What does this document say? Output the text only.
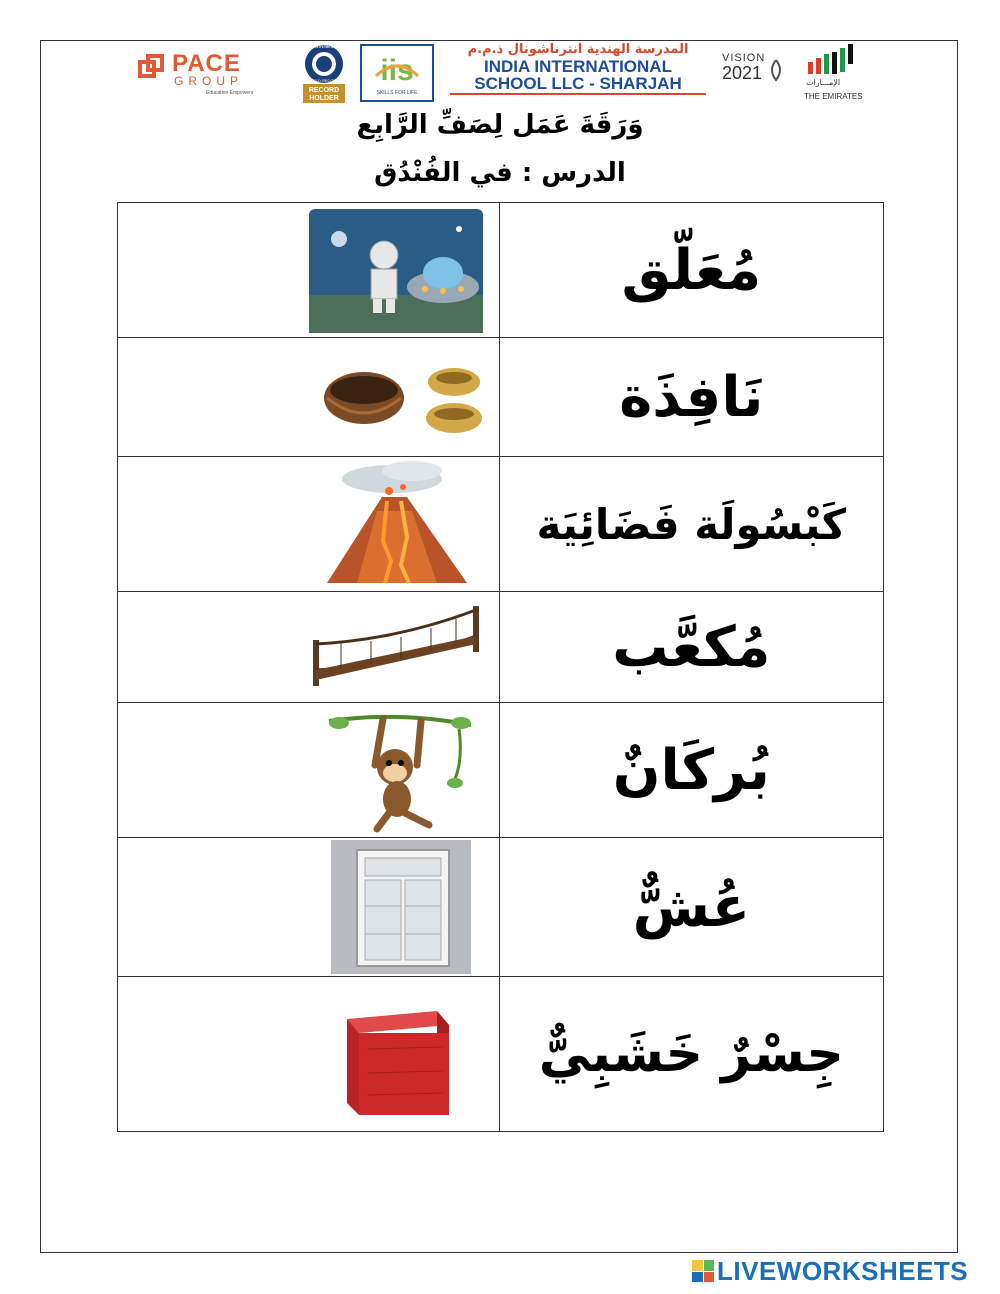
PACE
GROUP
Education Empowers
GUINNESS
WORLD RECORDS
RECORD
HOLDER
iis
SKILLS FOR LIFE
المدرسة الهندية انترناشونال ذ.م.م
INDIA INTERNATIONAL
SCHOOL LLC - SHARJAH
VISION
2021	الإمـــارات
THE EMIRATES
وَرَقَةَ عَمَل لِصَفِّ الرَّابِع
الدرس : في الفُنْدُق

	مُعَلّق

	نَافِذَة

	كَبْسُولَة فَضَائِيَة

	مُكعَّب

	بُركَانٌ

	عُشٌّ

	جِسْرٌ خَشَبِيٌّ
LIVEWORKSHEETS
